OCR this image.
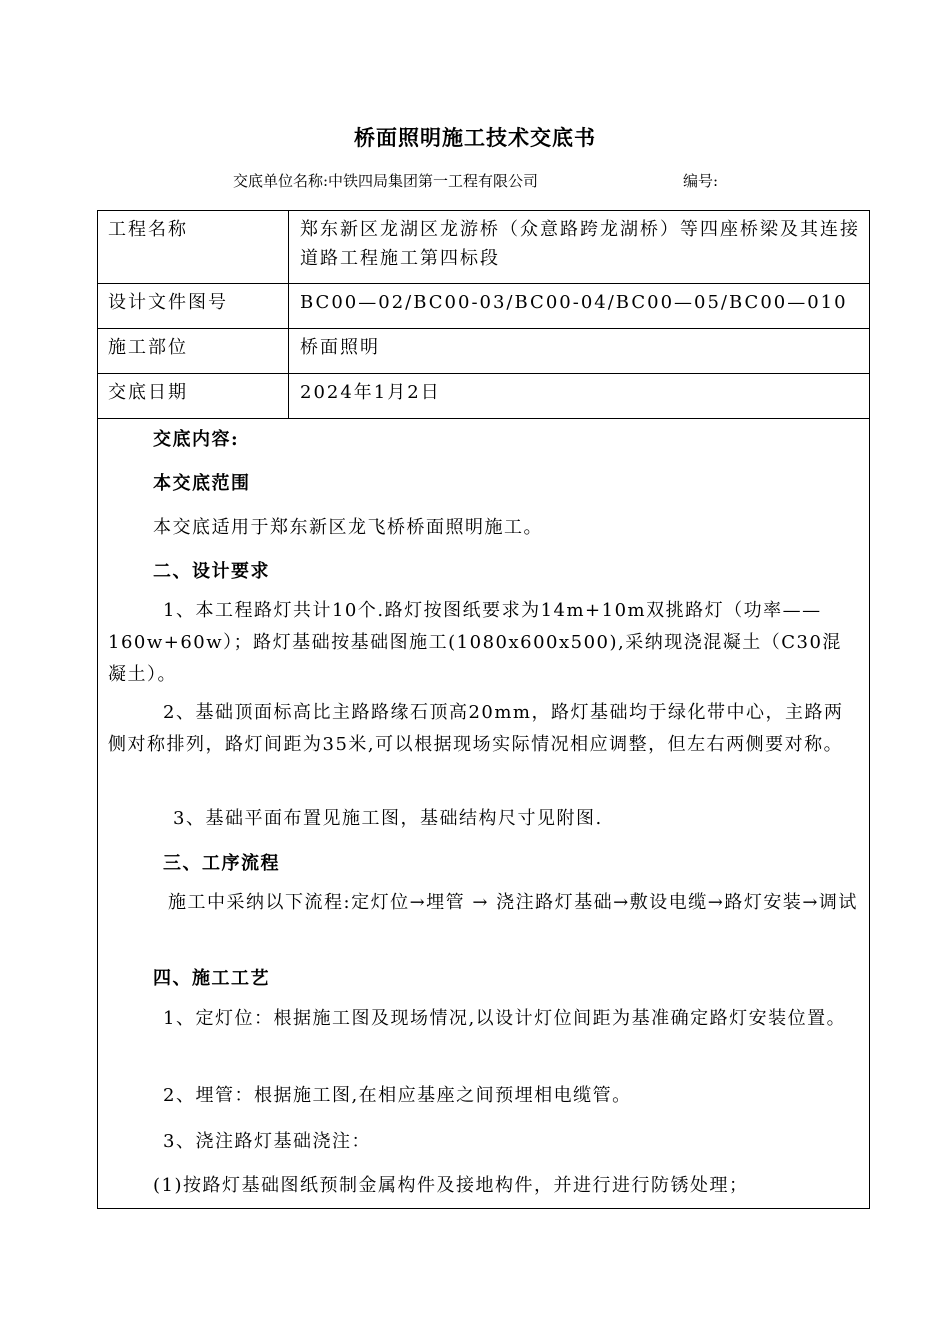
桥面照明施工技术交底书
交底单位名称:中铁四局集团第一工程有限公司	编号:
工程名称	郑东新区龙湖区龙游桥（众意路跨龙湖桥）等四座桥梁及其连接道路工程施工第四标段
设计文件图号	BC00—02/BC00-03/BC00-04/BC00—05/BC00—010
施工部位	桥面照明
交底日期	2024年1月2日
交底内容:
本交底范围
本交底适用于郑东新区龙飞桥桥面照明施工。
二、设计要求
1、本工程路灯共计10个.路灯按图纸要求为14m+10m双挑路灯（功率——160w+60w）；路灯基础按基础图施工(1080x600x500),采纳现浇混凝土（C30混凝土）。
2、基础顶面标高比主路路缘石顶高20mm，路灯基础均于绿化带中心，主路两侧对称排列，路灯间距为35米,可以根据现场实际情况相应调整，但左右两侧要对称。
3、基础平面布置见施工图，基础结构尺寸见附图.
三、工序流程
施工中采纳以下流程:定灯位→埋管 → 浇注路灯基础→敷设电缆→路灯安装→调试
四、施工工艺
1、定灯位：根据施工图及现场情况,以设计灯位间距为基准确定路灯安装位置。
2、埋管：根据施工图,在相应基座之间预埋相电缆管。
3、浇注路灯基础浇注：
(1)按路灯基础图纸预制金属构件及接地构件，并进行进行防锈处理；
